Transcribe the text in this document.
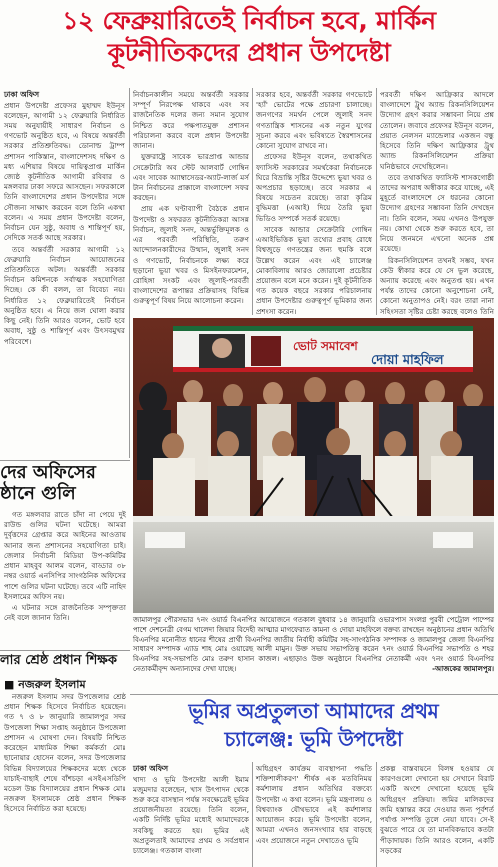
১২ ফেব্রুয়ারিতেই নির্বাচন হবে, মার্কিন
কূটনীতিকদের প্রধান উপদেষ্টা
ঢাকা অফিস

প্রধান উপদেষ্টা প্রফেসর মুহাম্মদ ইউনূস বলেছেন, আগামী ১২ ফেব্রুয়ারি নির্ধারিত সময় অনুযায়ীই সাধারণ নির্বাচন ও গণভোট অনুষ্ঠিত হবে, এ বিষয়ে অন্তর্বর্তী সরকার প্রতিশ্রুতিবদ্ধ। ডোনাল্ড ট্রাম্প প্রশাসন পাকিস্তান, বাংলাদেশসহ দক্ষিণ ও মধ্য এশিয়ার বিষয়ে দায়িত্বপ্রাপ্ত মার্কিন জ্যেষ্ঠ কূটনীতিক আগামী রবিবার ও মঙ্গলবার ঢাকা সফরে আসছেন। সফরকালে তিনি বাংলাদেশের প্রধান উপদেষ্টার সঙ্গে সৌজন্য সাক্ষাৎ করবেন বলে তিনি একথা বলেন। এ সময় প্রধান উপদেষ্টা বলেন, নির্বাচন যেন সুষ্ঠু, অবাধ ও শান্তিপূর্ণ হয়, সেদিকে সতর্ক আছে সরকার।

তবে অন্তর্বর্তী সরকার আগামী ১২ ফেব্রুয়ারি নির্বাচন আয়োজনের প্রতিশ্রুতিতে অটল। অন্তর্বর্তী সরকার নির্বাচন কমিশনকে সর্বাত্মক সহযোগিতা দিচ্ছে। কে কী বলল, তা বিবেচ্য নয়। নির্ধারিত ১২ ফেব্রুয়ারিতেই নির্বাচন অনুষ্ঠিত হবে। এ নিয়ে জল ঘোলা করার কিছু নেই। তিনি আরও বলেন, ভোট হবে অবাধ, সুষ্ঠু ও শান্তিপূর্ণ এবং উৎসবমুখর পরিবেশে।

নির্বাচনকালীন সময়ে অন্তর্বর্তী সরকার সম্পূর্ণ নিরপেক্ষ থাকবে এবং সব রাজনৈতিক দলের জন্য সমান সুযোগ নিশ্চিত করে পক্ষপাতমুক্ত প্রশাসন পরিচালনা করবে বলে প্রধান উপদেষ্টা জানান।

যুক্তরাষ্ট্রে সাবেক ভারপ্রাপ্ত আন্ডার সেক্রেটারি অব স্টেট আলবার্ট গোম্বিন এবং সাবেক অ্যাম্বাসেডর-অ্যাট-লার্জ মর্স টান নির্বাচনের প্রাক্কালে বাংলাদেশ সফর করছেন।

প্রায় এক ঘণ্টাব্যাপী বৈঠকে প্রধান উপদেষ্টা ও সফররত কূটনীতিকরা আসন্ন নির্বাচন, জুলাই সনদ, অন্তর্ভুক্তিমূলক ও এর পরবর্তী পরিস্থিতি, তরুণ আন্দোলনকারীদের উত্থান, জুলাই সনদ ও গণভোট, নির্বাচনকে লক্ষ্য করে ছড়ানো ভুয়া খবর ও মিসইনফরমেশন, রোহিঙ্গা সংকট এবং জুলাই-পরবর্তী বাংলাদেশের রূপান্তর প্রক্রিয়াসহ বিভিন্ন গুরুত্বপূর্ণ বিষয় নিয়ে আলোচনা করেন।

সরকার হবে, অন্তর্বর্তী সরকার গণভোটে 'হ্যাঁ' ভোটের পক্ষে প্রচারণা চালাচ্ছে। জনগণের সমর্থন পেলে জুলাই সনদ গণতান্ত্রিক শাসনের এক নতুন যুগের সূচনা করবে এবং ভবিষ্যতে স্বৈরশাসনের কোনো সুযোগ রাখবে না।

প্রফেসর ইউনূস বলেন, তথাকথিত ফ্যাসিস্ট সরকারের সমর্থকেরা নির্বাচনকে ঘিরে বিভ্রান্তি সৃষ্টির উদ্দেশ্যে ভুয়া খবর ও অপপ্রচার ছড়াচ্ছে। তবে সরকার এ বিষয়ে সচেতন রয়েছে। তারা কৃত্রিম বুদ্ধিমত্তা (এআই) দিয়ে তৈরি ভুয়া ভিডিও সম্পর্কে সতর্ক রয়েছে।

সাবেক আন্ডার সেক্রেটারি গোম্বিন এআইভিত্তিক ভুয়া তথ্যের প্রবাহ রোধে বিশ্বজুড়ে গণতন্ত্রের জন্য হুমকি বলে উল্লেখ করেন এবং এই চ্যালেঞ্জ মোকাবিলায় আরও জোরালো প্রচেষ্টার প্রয়োজন বলে মনে করেন। দুই কূটনীতিক গত কয়েক বছরে সরকার পরিচালনায় প্রধান উপদেষ্টার গুরুত্বপূর্ণ ভূমিকার জন্য প্রশংসা করেন।

পরবর্তী দক্ষিণ আফ্রিকার আদলে বাংলাদেশে ট্রুথ অ্যান্ড রিকনসিলিয়েশন উদ্যোগ গ্রহণ করার সম্ভাবনা নিয়ে প্রশ্ন তোলেন। জবাবে প্রফেসর ইউনূস বলেন, প্রয়াত নেলসন ম্যান্ডেলার একজন বন্ধু হিসেবে তিনি দক্ষিণ আফ্রিকার ট্রুথ অ্যান্ড রিকনসিলিয়েশন প্রক্রিয়া ঘনিষ্ঠভাবে দেখেছিলেন।

তবে তথাকথিত ফ্যাসিস্ট শাসকগোষ্ঠী তাদের অপরাধ অস্বীকার করে যাচ্ছে, এই মুহূর্তে বাংলাদেশে সে ধরনের কোনো উদ্যোগ গ্রহণের সম্ভাবনা তিনি দেখছেন না। তিনি বলেন, সময় এখনও উপযুক্ত নয়। কোথা থেকে শুরু করতে হবে, তা নিয়ে জনমনে এখনো অনেক প্রশ্ন রয়েছে।

রিকনসিলিয়েশন তখনই সম্ভব, যখন কেউ স্বীকার করে যে সে ভুল করেছে, অন্যায় করেছে এবং অনুতপ্ত হয়। এখন পর্যন্ত তাদের কোনো অনুশোচনা নেই, কোনো অনুতাপও নেই। বরং তারা নানা সহিংসতা সৃষ্টির চেষ্টা করছে বলেও তিনি

ভোট সমাবেশ
দোয়া মাহফিল
জামালপুর পৌরসভার ৭নং ওয়ার্ড বিএনপির আয়োজনে গতকাল বুধবার ১৪ জানুয়ারি ওভারপাস সংলগ্ন পুরবী পেট্রোল পাম্পের পাশে দেশনেত্রী বেগম খালেদা জিয়ার বিদেহী আত্মার মাগফেরাত কামনা ও দোয়া মাহফিলে বক্তব্য রাখছেন অনুষ্ঠানের প্রধান অতিথি বিএনপির মনোনীত ধানের শীষের প্রার্থী বিএনপির জাতীয় নির্বাহী কমিটির সহ-সাংগঠনিক সম্পাদক ও জামালপুর জেলা বিএনপির সাধারণ সম্পাদক এ্যাড শাহ মোঃ ওয়ারেছ আলী মামুন। উক্ত সভায় সভাপতিত্ব করেন ৭নং ওয়ার্ড বিএনপির সভাপতি ও শহর বিএনপির সহ-সভাপতি মোঃ তরুণ হাসান কাজল। এছাড়াও উক্ত অনুষ্ঠানে বিএনপির নেতাকর্মী এবং ৭নং ওয়ার্ড বিএনপির নেতাকর্মীবৃন্দ অন্যান্যদের দেখা যাচ্ছে।	-আজকের জামালপুর।
দের অফিসের
ষ্ঠানে গুলি

গত মঙ্গলবার রাতে চাঁদা না পেয়ে দুই রাউন্ড গুলির ঘটনা ঘটেছে। আমরা দুর্বৃত্তদের গ্রেপ্তার করে আইনের আওতায় আনার জন্য প্রশাসনের সহযোগিতা চাই। জেলার নির্বাচনী মিডিয়া উপ-কমিটির প্রধান মাহবুব আলম বলেন, বাড্ডার ৩৮ নম্বর ওয়ার্ড এনসিপির সাংগঠনিক অফিসের পাশে গুলির ঘটনা ঘটেছে। তবে এটি নাহিদ ইসলামের অফিস নয়।

এ ঘটনার সঙ্গে রাজনৈতিক সম্পৃক্ততা নেই বলে জানান তিনি।

লার শ্রেষ্ঠ প্রধান শিক্ষক
■ নজরুল ইসলাম

নজরুল ইসলাম সদর উপজেলার শ্রেষ্ঠ প্রধান শিক্ষক হিসেবে নির্বাচিত হয়েছেন। গত ৭ ও ৮ জানুয়ারি জামালপুর সদর উপজেলা শিক্ষা সপ্তাহ অনুষ্ঠানে উপজেলা প্রশাসন এ ঘোষণা দেন। বিষয়টি নিশ্চিত করেছেন মাধ্যমিক শিক্ষা কর্মকর্তা মোঃ ছানোয়ার হোসেন বলেন, সদর উপজেলার বিভিন্ন বিদ্যালয়ের শিক্ষকদের মধ্যে থেকে যাচাই-বাছাই শেষে বাঁশচড়া এসইএসডিপি মডেল উচ্চ বিদ্যালয়ের প্রধান শিক্ষক মোঃ নজরুল ইসলামকে শ্রেষ্ঠ প্রধান শিক্ষক হিসেবে নির্বাচিত করা হয়েছে।

ভূমির অপ্রতুলতা আমাদের প্রথম
চ্যালেঞ্জ: ভূমি উপদেষ্টা
ঢাকা অফিস

খাদ্য ও ভূমি উপদেষ্টা আলী ইমাম মজুমদার বলেছেন, খাস উৎপাদন থেকে শুরু করে বাসস্থান পর্যন্ত সবক্ষেত্রেই ভূমির প্রয়োজনীয়তা রয়েছে। তিনি বলেন, একটি নির্দিষ্ট ভূমির মধ্যেই আমাদেরকে সবকিছু করতে হয়। ভূমির এই অপ্রতুলতাই আমাদের প্রথম ও সর্বপ্রধান চ্যালেঞ্জ। গতকাল বাংলা

অধিগ্রহণ কার্যক্রম ব্যবস্থাপনা পদ্ধতি শক্তিশালীকরণ' শীর্ষক এক মতবিনিময় কর্মশালায় প্রধান অতিথির বক্তব্যে উপদেষ্টা এ কথা বলেন। ভূমি মন্ত্রণালয় ও বিশ্বব্যাংক যৌথভাবে এই কর্মশালার আয়োজন করে। ভূমি উপদেষ্টা বলেন, আমরা এখনও জনসংখ্যার হার বাড়ছে এবং প্রয়োজনে নতুন দেখাতেও ভূমি

প্রকল্প বাস্তবায়নে বিলম্ব হওয়ার যে কারণগুলো দেখানো হয় সেখানে বিরাট একটি অংশে দেখানো হয়েছে ভূমি অধিগ্রহণ প্রক্রিয়া। জমির মালিকদের জমি হস্তান্তর করে দেওয়ার জন্য পূর্বশর্ত পর্যাপ্ত সম্পত্তি তুলে নেয়া যাবে। সে-ই বুঝতে পারে যে তা মানবিকভাবে কতটা পীড়াদায়ক। তিনি আরও বলেন, একটি সড়কের
